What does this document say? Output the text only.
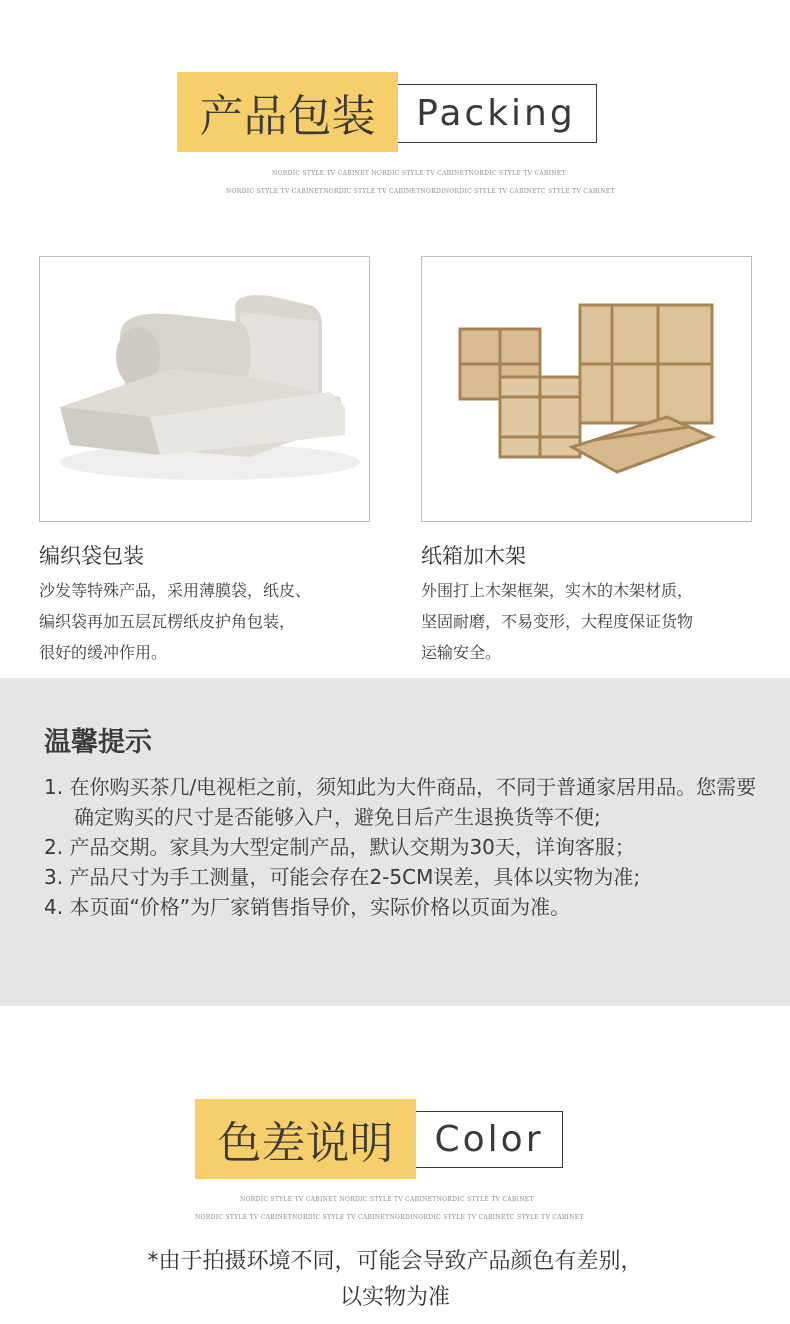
Packing
产品包装
NORDIC STYLE TV CABINET NORDIC STYLE TV CABINETNORDIC STYLE TV CABINET
NORDIC STYLE TV CABINETNORDIC STYLE TV CABINETNORDINORDIC STYLE TV CABINETC STYLE TV CABINET
编织袋包装
沙发等特殊产品，采用薄膜袋，纸皮、
编织袋再加五层瓦楞纸皮护角包装，
很好的缓冲作用。
纸箱加木架
外围打上木架框架，实木的木架材质，
坚固耐磨，不易变形，大程度保证货物
运输安全。
温馨提示
1. 在你购买茶几/电视柜之前，须知此为大件商品，不同于普通家居用品。您需要确定购买的尺寸是否能够入户，避免日后产生退换货等不便;
2. 产品交期。家具为大型定制产品，默认交期为30天，详询客服；
3. 产品尺寸为手工测量，可能会存在2-5CM误差，具体以实物为准;
4. 本页面“价格”为厂家销售指导价，实际价格以页面为准。
Color
色差说明
NORDIC STYLE TV CABINET NORDIC STYLE TV CABINETNORDIC STYLE TV CABINET
NORDIC STYLE TV CABINETNORDIC STYLE TV CABINETNORDINORDIC STYLE TV CABINETC STYLE TV CABINET
*由于拍摄环境不同，可能会导致产品颜色有差别，
以实物为准
